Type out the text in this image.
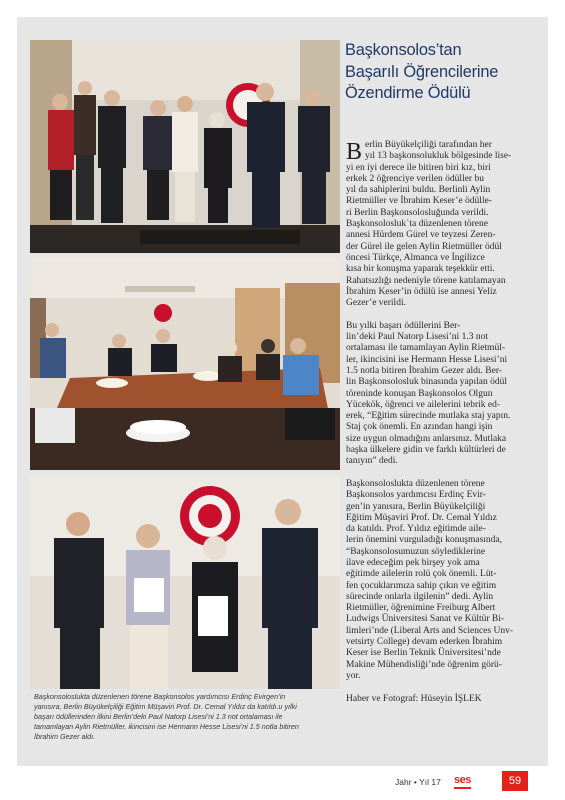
Başkonsoloslukta düzenlenen törene Başkonsolos yardımcısı Erdinç Evirgen’in
yanısıra, Berlin Büyükelçiliği Eğitim Müşaviri Prof. Dr. Cemal Yıldız da katıldı.u yılki
başarı ödüllerinden ilkini Berlin’deki Paul Natorp Lisesi’ni 1.3 not ortalaması ile
tamamlayan Aylin Rietmüller, ikincisini ise Hermann Hesse Lisesi’ni 1.5 notla bitiren
İbrahim Gezer aldı.
Başkonsolos’tan
Başarılı Öğrencilerine
Özendirme Ödülü
B erlin Büyükelçiliği tarafından her
yıl 13 başkonsolukluk bölgesinde lise-
yi en iyi derece ile bitiren biri kız, biri
erkek 2 öğrenciye verilen ödüller bu
yıl da sahiplerini buldu. Berlinli Aylin
Rietmüller ve İbrahim Keser’e ödülle-
ri Berlin Başkonsolosluğunda verildi.
Başkonsolosluk`ta düzenlenen törene
annesi Hürdem Gürel ve teyzesi Zeren-
der Gürel ile gelen Aylin Rietmüller ödül
öncesi Türkçe, Almanca ve İngilizce
kısa bir konuşma yaparak teşekkür etti.
Rahatsızlığı nedeniyle törene katılamayan
İbrahim Keser’in ödülü ise annesi Yeliz
Gezer’e verildi.
Bu yılki başarı ödüllerini Ber-
lin’deki Paul Natorp Lisesi’ni 1.3 not
ortalaması ile tamamlayan Aylin Rietmül-
ler, ikincisini ise Hermann Hesse Lisesi’ni
1.5 notla bitiren İbrahim Gezer aldı. Ber-
lin Başkonsolosluk binasında yapılan ödül
töreninde konuşan Başkonsolos Olgun
Yücekök, öğrenci ve ailelerini tebrik ed-
erek, “Eğitim sürecinde mutlaka staj yapın.
Staj çok önemli. En azından hangi işin
size uygun olmadığını anlarsınız. Mutlaka
başka ülkelere gidin ve farklı kültürleri de
tanıyın” dedi.
Başkonsoloslukta düzenlenen törene
Başkonsolos yardımcısı Erdinç Evir-
gen’in yanısıra, Berlin Büyükelçiliği
Eğitim Müşaviri Prof. Dr. Cemal Yıldız
da katıldı. Prof. Yıldız eğitimde aile-
lerin önemini vurguladığı konuşmasında,
“Başkonsolosumuzun söylediklerine
ilave edeceğim pek birşey yok ama
eğitimde ailelerin rolü çok önemli. Lüt-
fen çocuklarımıza sahip çıkın ve eğitim
sürecinde onlarla ilgilenin” dedi. Aylin
Rietmüller, öğrenimine Freiburg Albert
Ludwigs Üniversitesi Sanat ve Kültür Bi-
limleri’nde (Liberal Arts and Sciences Unv-
vetsirty College) devam ederken İbrahim
Keser ise Berlin Teknik Üniversitesi’nde
Makine Mühendisliği’nde öğrenim görü-
yor.
Haber ve Fotograf: Hüseyin İŞLEK
Jahr • Yıl 17 ses	59
